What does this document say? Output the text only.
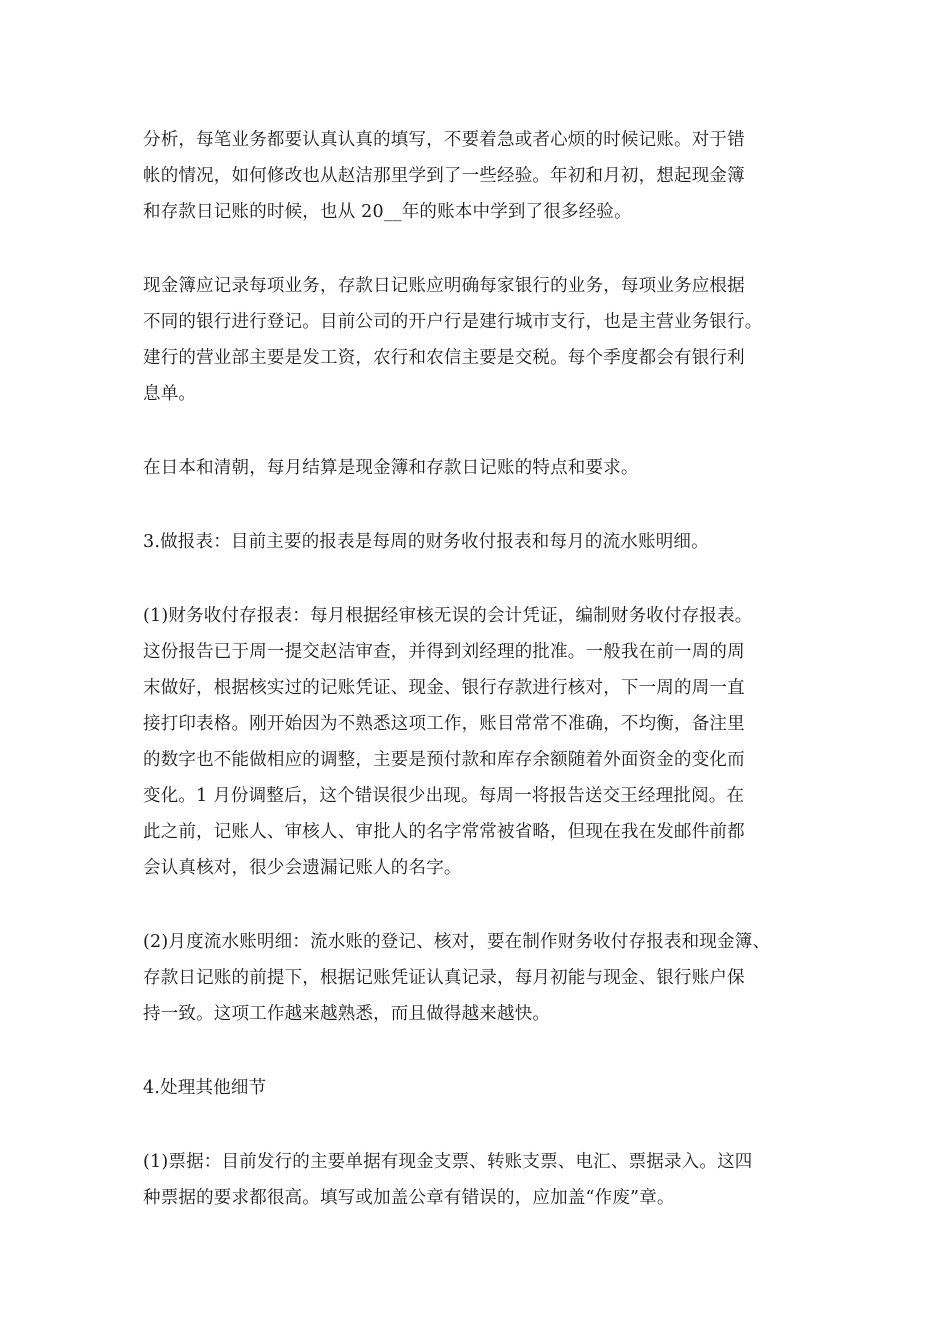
分析，每笔业务都要认真认真的填写，不要着急或者心烦的时候记账。对于错
帐的情况，如何修改也从赵洁那里学到了一些经验。年初和月初，想起现金簿
和存款日记账的时候，也从 20__年的账本中学到了很多经验。
现金簿应记录每项业务，存款日记账应明确每家银行的业务，每项业务应根据
不同的银行进行登记。目前公司的开户行是建行城市支行，也是主营业务银行。
建行的营业部主要是发工资，农行和农信主要是交税。每个季度都会有银行利
息单。
在日本和清朝，每月结算是现金簿和存款日记账的特点和要求。
3.做报表：目前主要的报表是每周的财务收付报表和每月的流水账明细。
(1)财务收付存报表：每月根据经审核无误的会计凭证，编制财务收付存报表。
这份报告已于周一提交赵洁审查，并得到刘经理的批准。一般我在前一周的周
末做好，根据核实过的记账凭证、现金、银行存款进行核对，下一周的周一直
接打印表格。刚开始因为不熟悉这项工作，账目常常不准确，不均衡，备注里
的数字也不能做相应的调整，主要是预付款和库存余额随着外面资金的变化而
变化。1 月份调整后，这个错误很少出现。每周一将报告送交王经理批阅。在
此之前，记账人、审核人、审批人的名字常常被省略，但现在我在发邮件前都
会认真核对，很少会遗漏记账人的名字。
(2)月度流水账明细：流水账的登记、核对，要在制作财务收付存报表和现金簿、
存款日记账的前提下，根据记账凭证认真记录，每月初能与现金、银行账户保
持一致。这项工作越来越熟悉，而且做得越来越快。
4.处理其他细节
(1)票据：目前发行的主要单据有现金支票、转账支票、电汇、票据录入。这四
种票据的要求都很高。填写或加盖公章有错误的，应加盖“作废”章。
